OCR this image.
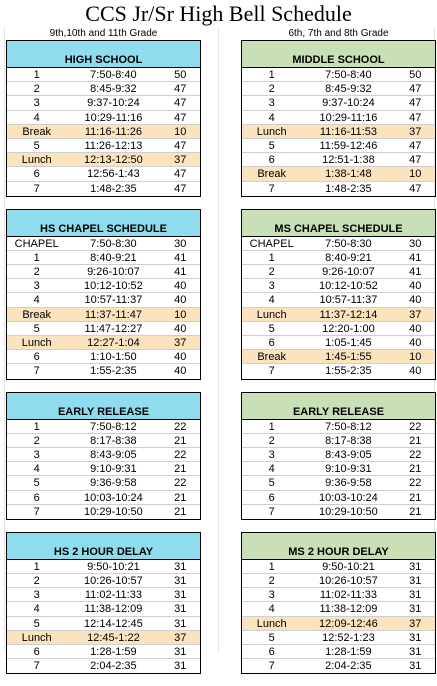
CCS Jr/Sr High Bell Schedule
9th,10th and 11th Grade
HIGH SCHOOL
1	7:50-8:40	50
2	8:45-9:32	47
3	9:37-10:24	47
4	10:29-11:16	47
Break	11:16-11:26	10
5	11:26-12:13	47
Lunch	12:13-12:50	37
6	12:56-1:43	47
7	1:48-2:35	47
HS CHAPEL SCHEDULE
CHAPEL	7:50-8:30	30
1	8:40-9:21	41
2	9:26-10:07	41
3	10:12-10:52	40
4	10:57-11:37	40
Break	11:37-11:47	10
5	11:47-12:27	40
Lunch	12:27-1:04	37
6	1:10-1:50	40
7	1:55-2:35	40
EARLY RELEASE
1	7:50-8:12	22
2	8:17-8:38	21
3	8:43-9:05	22
4	9:10-9:31	21
5	9:36-9:58	22
6	10:03-10:24	21
7	10:29-10:50	21
HS 2 HOUR DELAY
1	9:50-10:21	31
2	10:26-10:57	31
3	11:02-11:33	31
4	11:38-12:09	31
5	12:14-12:45	31
Lunch	12:45-1:22	37
6	1:28-1:59	31
7	2:04-2:35	31
6th, 7th and 8th Grade
MIDDLE SCHOOL
1	7:50-8:40	50
2	8:45-9:32	47
3	9:37-10:24	47
4	10:29-11:16	47
Lunch	11:16-11:53	37
5	11:59-12:46	47
6	12:51-1:38	47
Break	1:38-1:48	10
7	1:48-2:35	47
MS CHAPEL SCHEDULE
CHAPEL	7:50-8:30	30
1	8:40-9:21	41
2	9:26-10:07	41
3	10:12-10:52	40
4	10:57-11:37	40
Lunch	11:37-12:14	37
5	12:20-1:00	40
6	1:05-1:45	40
Break	1:45-1:55	10
7	1:55-2:35	40
EARLY RELEASE
1	7:50-8:12	22
2	8:17-8:38	21
3	8:43-9:05	22
4	9:10-9:31	21
5	9:36-9:58	22
6	10:03-10:24	21
7	10:29-10:50	21
MS 2 HOUR DELAY
1	9:50-10:21	31
2	10:26-10:57	31
3	11:02-11:33	31
4	11:38-12:09	31
Lunch	12:09-12:46	37
5	12:52-1:23	31
6	1:28-1:59	31
7	2:04-2:35	31
